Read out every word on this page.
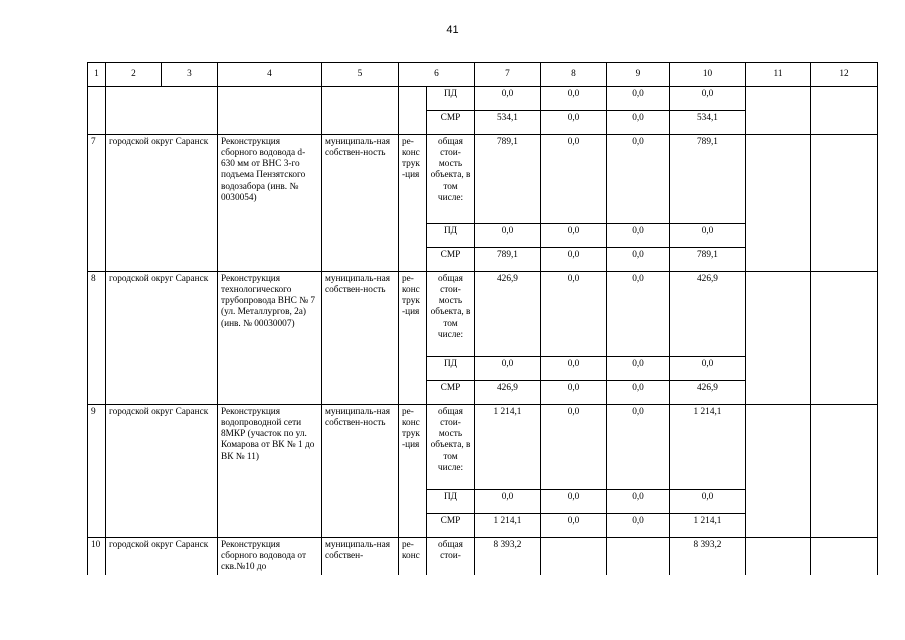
41
1	2	3	4	5	6		7	8	9	10	11	12
						ПД	0,0	0,0	0,0	0,0		
						СМР	534,1	0,0	0,0	534,1		
7	городской округ Саранск		Реконструкция сборного водовода d-630 мм от ВНС 3-го подъема Пензятского водозабора (инв. № 0030054)	муниципаль-ная собствен-ность	ре-конс трук -ция	общая стои-мость объекта, в том числе:	789,1	0,0	0,0	789,1		
						ПД	0,0	0,0	0,0	0,0		
						СМР	789,1	0,0	0,0	789,1		
8	городской округ Саранск		Реконструкция технологического трубопровода ВНС № 7 (ул. Металлургов, 2а) (инв. № 00030007)	муниципаль-ная собствен-ность	ре-конс трук -ция	общая стои-мость объекта, в том числе:	426,9	0,0	0,0	426,9		
						ПД	0,0	0,0	0,0	0,0		
						СМР	426,9	0,0	0,0	426,9		
9	городской округ Саранск		Реконструкция водопроводной сети 8МКР (участок по ул. Комарова от ВК № 1 до ВК № 11)	муниципаль-ная собствен-ность	ре-конс трук -ция	общая стои-мость объекта, в том числе:	1 214,1	0,0	0,0	1 214,1		
						ПД	0,0	0,0	0,0	0,0		
						СМР	1 214,1	0,0	0,0	1 214,1		
10	городской округ Саранск		Реконструкция сборного водовода от скв.№10 до	муниципаль-ная собствен-	ре-конс	общая стои-	8 393,2			8 393,2		
